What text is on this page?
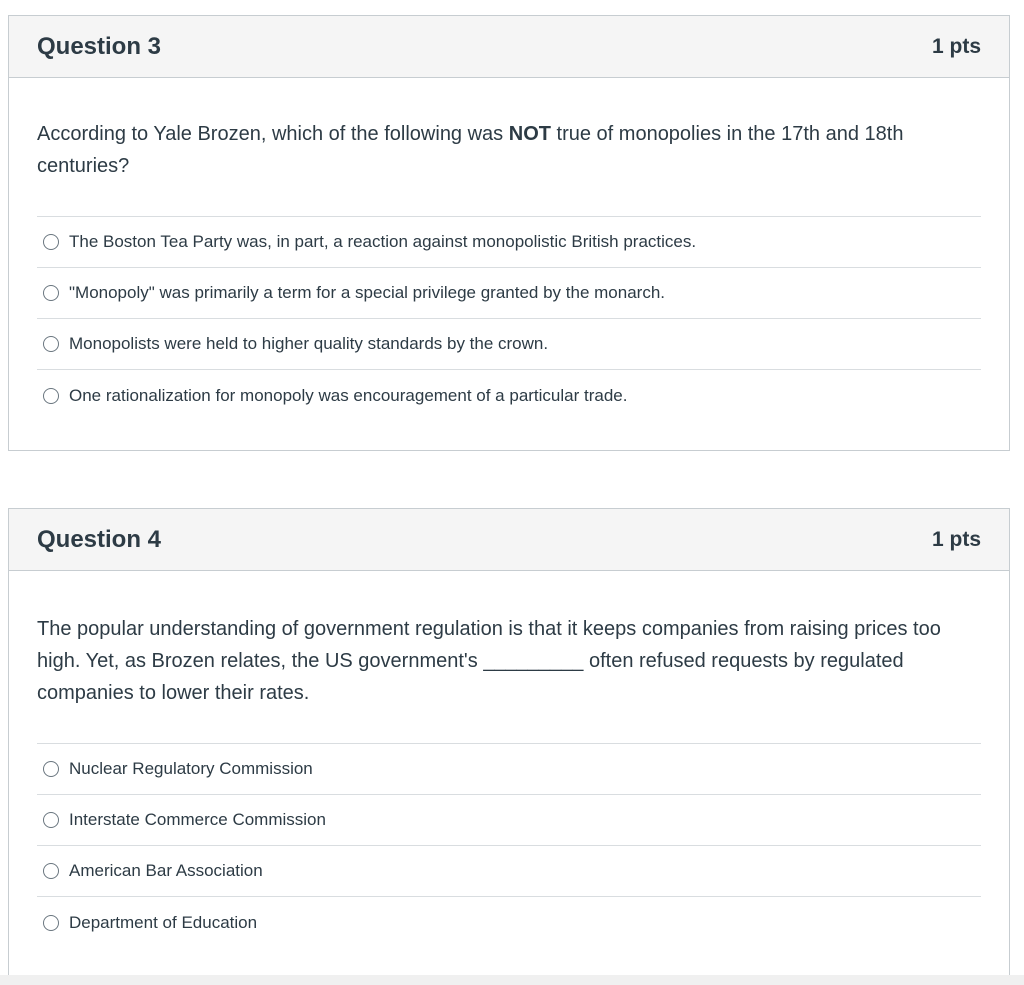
Question 3	1 pts
According to Yale Brozen, which of the following was NOT true of monopolies in the 17th and 18th centuries?
The Boston Tea Party was, in part, a reaction against monopolistic British practices.
"Monopoly" was primarily a term for a special privilege granted by the monarch.
Monopolists were held to higher quality standards by the crown.
One rationalization for monopoly was encouragement of a particular trade.
Question 4	1 pts
The popular understanding of government regulation is that it keeps companies from raising prices too high. Yet, as Brozen relates, the US government's _________ often refused requests by regulated companies to lower their rates.
Nuclear Regulatory Commission
Interstate Commerce Commission
American Bar Association
Department of Education
